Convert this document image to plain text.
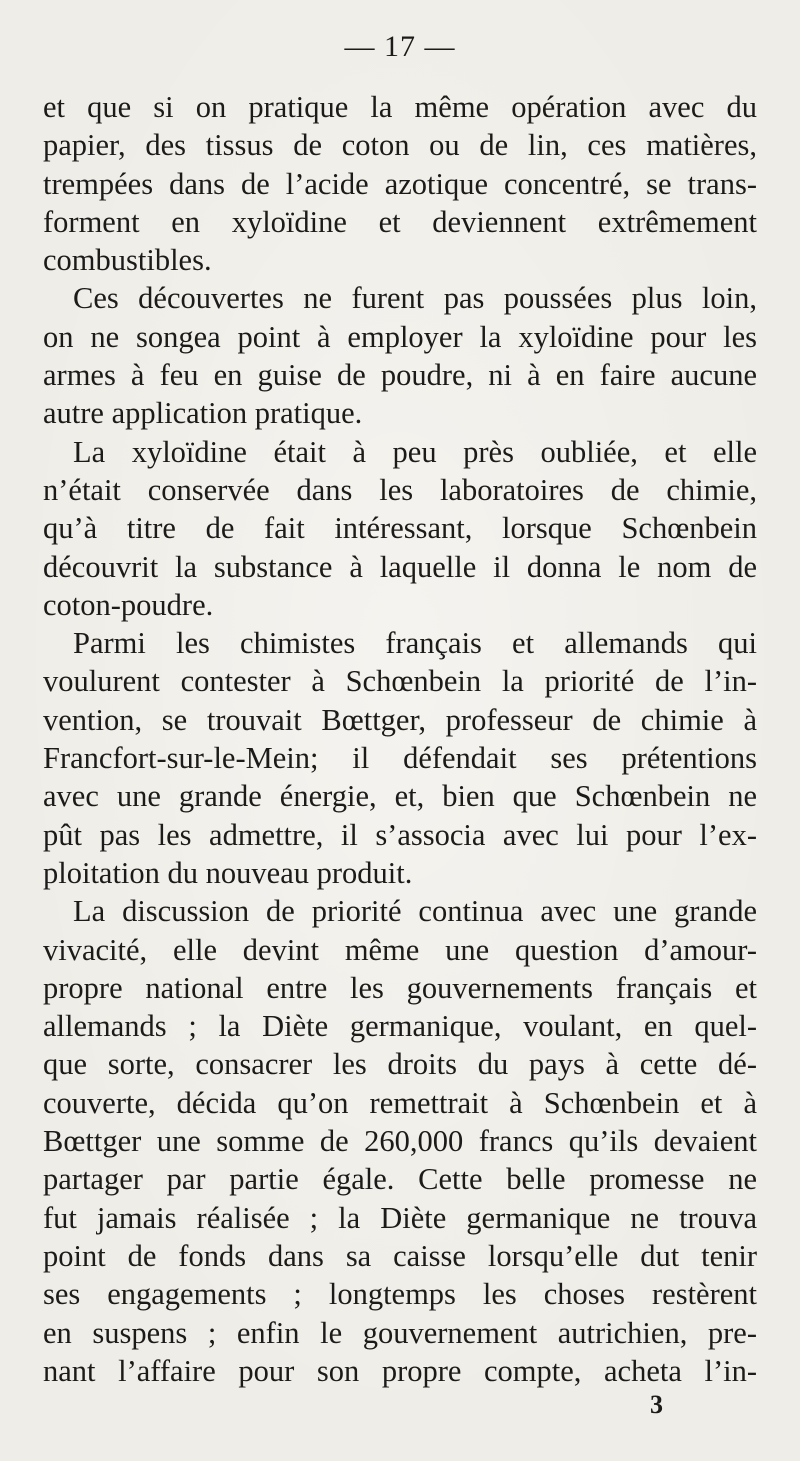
— 17 —

et que si on pratique la même opération avec du
papier, des tissus de coton ou de lin, ces matières,
trempées dans de l’acide azotique concentré, se trans-
forment en xyloïdine et deviennent extrêmement
combustibles.

Ces découvertes ne furent pas poussées plus loin,
on ne songea point à employer la xyloïdine pour les
armes à feu en guise de poudre, ni à en faire aucune
autre application pratique.

La xyloïdine était à peu près oubliée, et elle
n’était conservée dans les laboratoires de chimie,
qu’à titre de fait intéressant, lorsque Schœnbein
découvrit la substance à laquelle il donna le nom de
coton-poudre.

Parmi les chimistes français et allemands qui
voulurent contester à Schœnbein la priorité de l’in-
vention, se trouvait Bœttger, professeur de chimie à
Francfort-sur-le-Mein; il défendait ses prétentions
avec une grande énergie, et, bien que Schœnbein ne
pût pas les admettre, il s’associa avec lui pour l’ex-
ploitation du nouveau produit.

La discussion de priorité continua avec une grande
vivacité, elle devint même une question d’amour-
propre national entre les gouvernements français et
allemands ; la Diète germanique, voulant, en quel-
que sorte, consacrer les droits du pays à cette dé-
couverte, décida qu’on remettrait à Schœnbein et à
Bœttger une somme de 260,000 francs qu’ils devaient
partager par partie égale. Cette belle promesse ne
fut jamais réalisée ; la Diète germanique ne trouva
point de fonds dans sa caisse lorsqu’elle dut tenir
ses engagements ; longtemps les choses restèrent
en suspens ; enfin le gouvernement autrichien, pre-
nant l’affaire pour son propre compte, acheta l’in-

3
